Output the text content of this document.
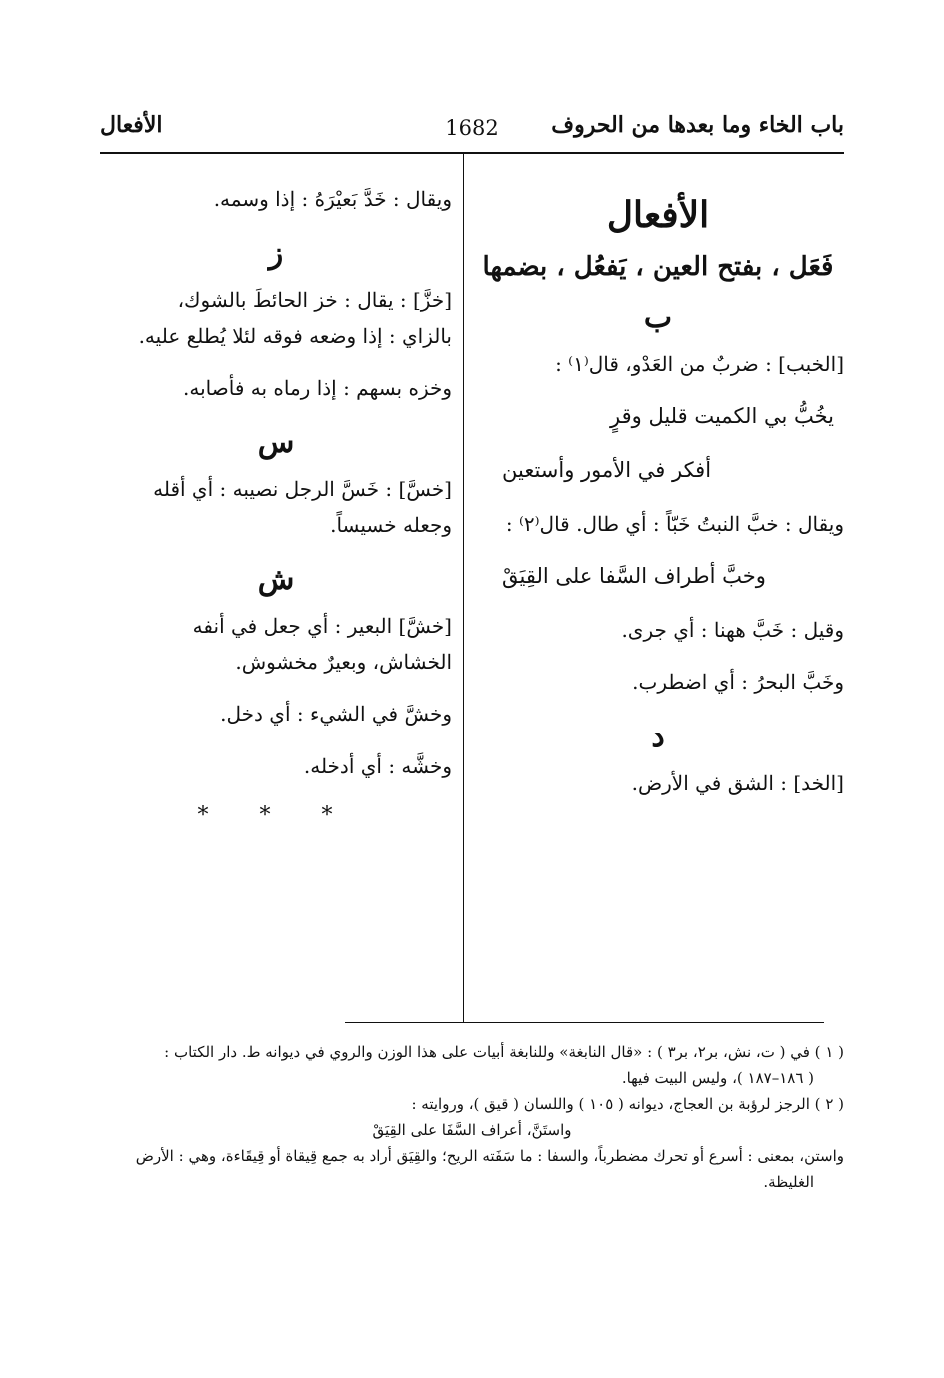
باب الخاء وما بعدها من الحروف
1682
الأفعال
الأفعال
فَعَل ، بفتح العين ، يَفعُل ، بضمها
ب
[الخبب] : ضربٌ من العَدْو، قال⁽١⁾ :
يخُبُّ بي الكميت قليل وقرٍ
أفكر في الأمور وأستعين
ويقال : خبَّ النبتُ خَبّاً : أي طال. قال⁽٢⁾ :
وخبَّ أطراف السَّفا على القِيَقْ
وقيل : خَبَّ ههنا : أي جرى.
وخَبَّ البحرُ : أي اضطرب.
د
[الخد] : الشق في الأرض.
ويقال : خَدَّ بَعيْرَهُ : إذا وسمه.
ز
[خزَّ] : يقال : خز الحائطَ بالشوك،
بالزاي : إذا وضعه فوقه لئلا يُطلع عليه.
وخزه بسهم : إذا رماه به فأصابه.
س
[خسَّ] : خَسَّ الرجل نصيبه : أي أقله
وجعله خسيساً.
ش
[خشَّ] البعير : أي جعل في أنفه
الخشاش، وبعيرٌ مخشوش.
وخشَّ في الشيء : أي دخل.
وخشَّه : أي أدخله.
* * *
( ١ ) في ( ت، نش، بر٢، بر٣ ) : «قال النابغة» وللنابغة أبيات على هذا الوزن والروي في ديوانه ط. دار الكتاب :
( ١٨٦–١٨٧ )، وليس البيت فيها.
( ٢ ) الرجز لرؤبة بن العجاج، ديوانه ( ١٠٥ ) واللسان ( قيق )، وروايته :
واستَنَّ، أعراف السَّفَا على القِيَقْ
واستن، بمعنى : أسرع أو تحرك مضطرباً، والسفا : ما سَفَته الريح؛ والقِيَق أراد به جمع قِيقاة أو قِيقَاءة، وهي : الأرض
الغليظة.
